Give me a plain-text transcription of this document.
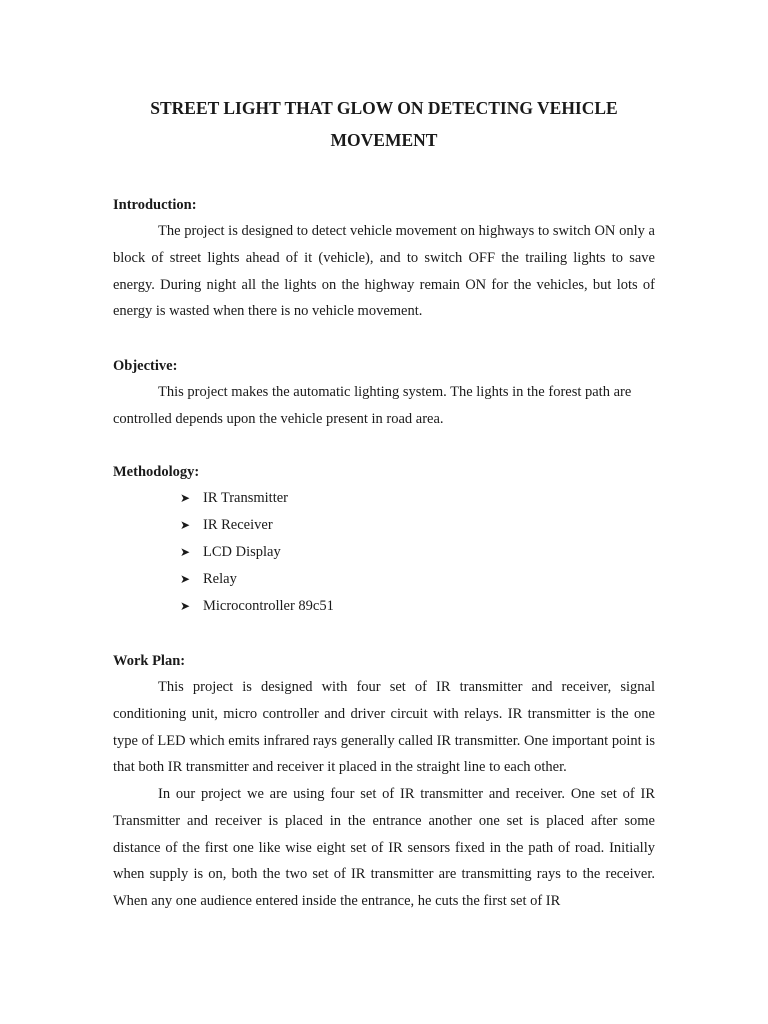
STREET LIGHT THAT GLOW ON DETECTING VEHICLE MOVEMENT
Introduction:
The project is designed to detect vehicle movement on highways to switch ON only a block of street lights ahead of it (vehicle), and to switch OFF the trailing lights to save energy. During night all the lights on the highway remain ON for the vehicles, but lots of energy is wasted when there is no vehicle movement.
Objective:
This project makes the automatic lighting system. The lights in the forest path are controlled depends upon the vehicle present in road area.
Methodology:
➤ IR Transmitter
➤ IR Receiver
➤ LCD Display
➤ Relay
➤ Microcontroller 89c51
Work Plan:
This project is designed with four set of IR transmitter and receiver, signal conditioning unit, micro controller and driver circuit with relays. IR transmitter is the one type of LED which emits infrared rays generally called IR transmitter. One important point is that both IR transmitter and receiver it placed in the straight line to each other.
In our project we are using four set of IR transmitter and receiver. One set of IR Transmitter and receiver is placed in the entrance another one set is placed after some distance of the first one like wise eight set of IR sensors fixed in the path of road. Initially when supply is on, both the two set of IR transmitter are transmitting rays to the receiver. When any one audience entered inside the entrance, he cuts the first set of IR
